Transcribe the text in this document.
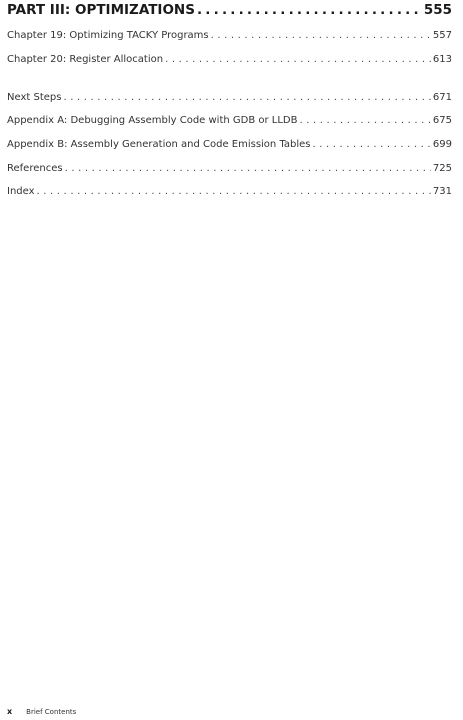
PART III: OPTIMIZATIONS .....	555
Chapter 19: Optimizing TACKY Programs . . .	557
Chapter 20: Register Allocation . . .	613
Next Steps . . .	671
Appendix A: Debugging Assembly Code with GDB or LLDB . . .	675
Appendix B: Assembly Generation and Code Emission Tables . . .	699
References . . .	725
Index . . .	731
x Brief Contents
